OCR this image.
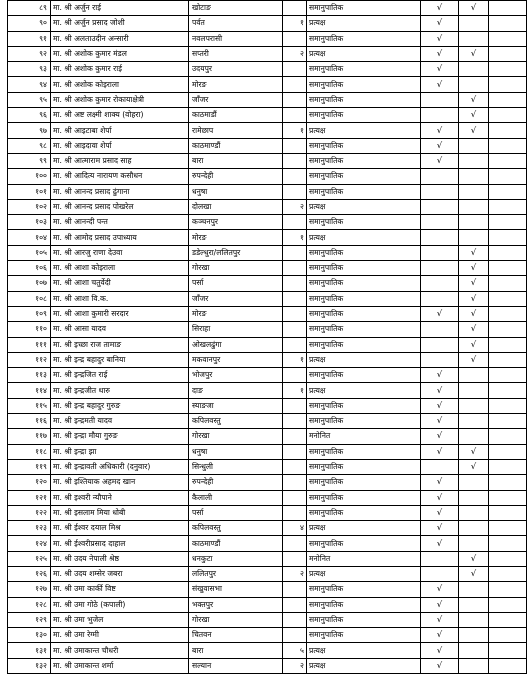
८९	मा. श्री अर्जुन राई	खोटाङ		समानुपातिक	√	√	
९०	मा. श्री अर्जुन प्रसाद जोशी	पर्वत	१	प्रत्यक्ष	√		
९१	मा. श्री अलताउदीन अन्सारी	नवलपरासी		समानुपातिक	√		
९२	मा. श्री अशोक कुमार मंडल	सप्तरी	२	प्रत्यक्ष	√	√	
९३	मा. श्री अशोक कुमार राई	उदयपुर		समानुपातिक	√		
९४	मा. श्री अशोक कोइराला	मोरङ		समानुपातिक	√		
९५	मा. श्री अशोक कुमार रोकायाक्षेत्री	जाँजर		समानुपातिक		√	
९६	मा. श्री अष्ट लक्ष्मी शाक्य (वोहरा)	काठमाडौं		समानुपातिक		√	
९७	मा. श्री आइटाबा शेर्पा	रामेछाप	१	प्रत्यक्ष	√	√	
९८	मा. श्री आइदावा शेर्पा	काठमाण्डौं		समानुपातिक	√		
९९	मा. श्री आत्माराम प्रसाद साह	बारा		समानुपातिक	√		
१००	मा. श्री आदित्य नारायण कसौधन	रुपन्देही		समानुपातिक			
१०१	मा. श्री आनन्द प्रसाद ढुंगाना	धनुषा		समानुपातिक			
१०२	मा. श्री आनन्द प्रसाद पोखरेल	दोलखा	२	प्रत्यक्ष			
१०३	मा. श्री आनन्दी पन्त	कञ्चनपुर		समानुपातिक			
१०४	मा. श्री आमोद प्रसाद उपाध्याय	मोरङ	१	प्रत्यक्ष			
१०५	मा. श्री आरजु राणा देउवा	डडेल्धुरा/ललितपुर		समानुपातिक		√	
१०६	मा. श्री आशा कोइराला	गोरखा		समानुपातिक		√	
१०७	मा. श्री आशा चतुर्वेदी	पर्सा		समानुपातिक		√	
१०८	मा. श्री आशा वि.क.	जाँजर		समानुपातिक		√	
१०९	मा. श्री आशा कुमारी सरदार	मोरङ		समानुपातिक	√	√	
११०	मा. श्री आसा यादव	सिराहा		समानुपातिक		√	
१११	मा. श्री इच्छा राज तामाङ	ओखलढुंगा		समानुपातिक		√	
११२	मा. श्री इन्द्र बहादुर बानिया	मकवानपुर	१	प्रत्यक्ष		√	
११३	मा. श्री इन्द्रजित राई	भोजपुर		समानुपातिक	√		
११४	मा. श्री इन्द्रजीत थारु	दाङ	१	प्रत्यक्ष	√		
११५	मा. श्री इन्द्र बहादुर गुरुङ	स्याङजा		समानुपातिक	√		
११६	मा. श्री इन्द्रमती यादव	कपिलवस्तु		समानुपातिक	√		
११७	मा. श्री इन्द्रा मौया गुरुङ	गोरखा		मनोनित	√		
११८	मा. श्री इन्द्रा झा	धनुषा		समानुपातिक	√	√	
११९	मा. श्री इन्द्रावती अधिकारी (दनुवार)	सिन्धुली		समानुपातिक		√	
१२०	मा. श्री इश्तियाक अहमद खान	रुपन्देही		समानुपातिक	√		
१२१	मा. श्री इश्वरी न्यौपाने	कैलाली		समानुपातिक	√		
१२२	मा. श्री इसलाम मिया धोबी	पर्सा		समानुपातिक	√		
१२३	मा. श्री ईश्वर दयाल मिश्र	कपिलवस्तु	४	प्रत्यक्ष	√		
१२४	मा. श्री ईश्वरीप्रसाद दाहाल	काठमाण्डौं		समानुपातिक	√		
१२५	मा. श्री उदय नेपाली श्रेष्ठ	धनकुटा		मनोनित		√	
१२६	मा. श्री उदय शम्सेर जबरा	ललितपुर	२	प्रत्यक्ष		√	
१२७	मा. श्री उमा कार्की विष्ट	संखुवासभा		समानुपातिक	√		
१२८	मा. श्री उमा गोठे (कपाली)	भक्तपुर		समानुपातिक	√		
१२९	मा. श्री उमा भुजेल	गोरखा		समानुपातिक	√		
१३०	मा. श्री उमा रेग्मी	चितवन		समानुपातिक	√		
१३१	मा. श्री उमाकान्त चौधरी	बारा	५	प्रत्यक्ष	√		
१३२	मा. श्री उमाकान्त शर्मा	सल्यान	२	प्रत्यक्ष	√		
